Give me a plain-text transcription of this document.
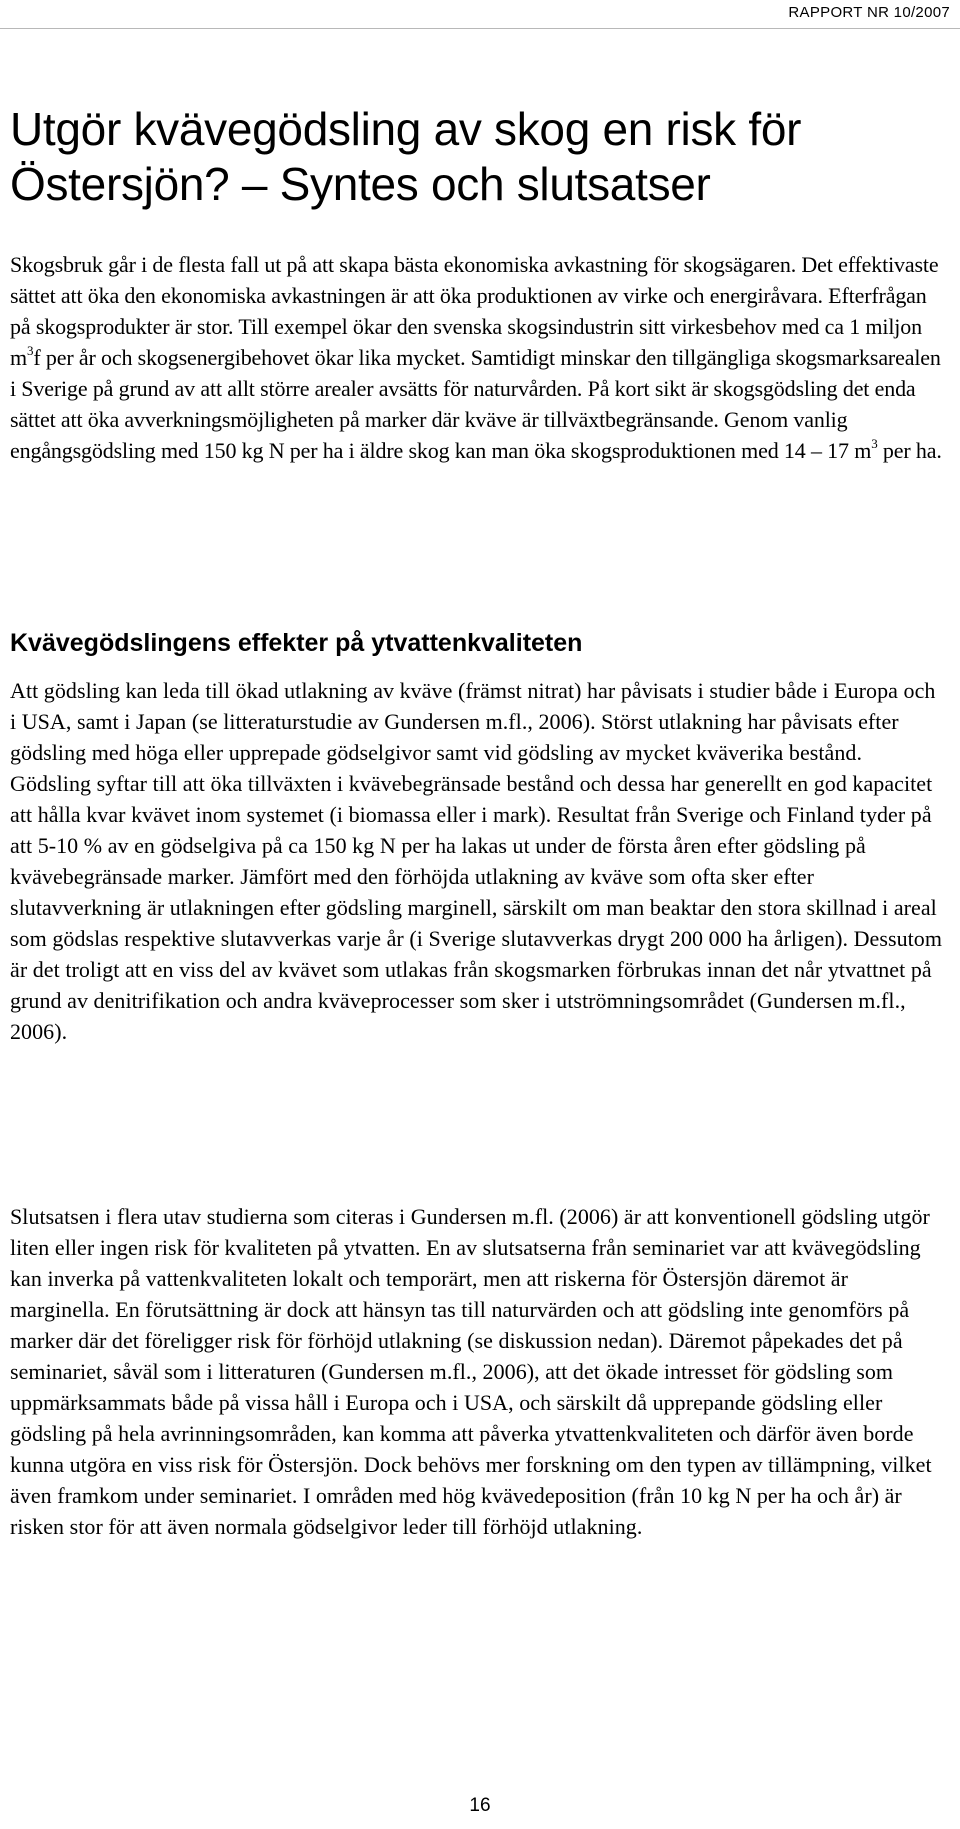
RAPPORT NR 10/2007
Utgör kvävegödsling av skog en risk för Östersjön? – Syntes och slutsatser

Skogsbruk går i de flesta fall ut på att skapa bästa ekonomiska avkastning för skogsägaren. Det effektivaste sättet att öka den ekonomiska avkastningen är att öka produktionen av virke och energiråvara. Efterfrågan på skogsprodukter är stor. Till exempel ökar den svenska skogsindustrin sitt virkesbehov med ca 1 miljon $m^3f$ per år och skogsenergibehovet ökar lika mycket. Samtidigt minskar den tillgängliga skogsmarksarealen i Sverige på grund av att allt större arealer avsätts för naturvården. På kort sikt är skogsgödsling det enda sättet att öka avverkningsmöjligheten på marker där kväve är tillväxtbegränsande. Genom vanlig engångsgödsling med 150 kg N per ha i äldre skog kan man öka skogsproduktionen med 14 – 17 $m^3$ per ha.

Kvävegödslingens effekter på ytvattenkvaliteten

Att gödsling kan leda till ökad utlakning av kväve (främst nitrat) har påvisats i studier både i Europa och i USA, samt i Japan (se litteraturstudie av Gundersen m.fl., 2006). Störst utlakning har påvisats efter gödsling med höga eller upprepade gödselgivor samt vid gödsling av mycket kväverika bestånd. Gödsling syftar till att öka tillväxten i kvävebegränsade bestånd och dessa har generellt en god kapacitet att hålla kvar kvävet inom systemet (i biomassa eller i mark). Resultat från Sverige och Finland tyder på att 5-10 % av en gödselgiva på ca 150 kg N per ha lakas ut under de första åren efter gödsling på kvävebegränsade marker. Jämfört med den förhöjda utlakning av kväve som ofta sker efter slutavverkning är utlakningen efter gödsling marginell, särskilt om man beaktar den stora skillnad i areal som gödslas respektive slutavverkas varje år (i Sverige slutavverkas drygt 200 000 ha årligen). Dessutom är det troligt att en viss del av kvävet som utlakas från skogsmarken förbrukas innan det når ytvattnet på grund av denitrifikation och andra kväveprocesser som sker i utströmningsområdet (Gundersen m.fl., 2006).

Slutsatsen i flera utav studierna som citeras i Gundersen m.fl. (2006) är att konventionell gödsling utgör liten eller ingen risk för kvaliteten på ytvatten. En av slutsatserna från seminariet var att kvävegödsling kan inverka på vattenkvaliteten lokalt och temporärt, men att riskerna för Östersjön däremot är marginella. En förutsättning är dock att hänsyn tas till naturvärden och att gödsling inte genomförs på marker där det föreligger risk för förhöjd utlakning (se diskussion nedan). Däremot påpekades det på seminariet, såväl som i litteraturen (Gundersen m.fl., 2006), att det ökade intresset för gödsling som uppmärksammats både på vissa håll i Europa och i USA, och särskilt då upprepande gödsling eller gödsling på hela avrinningsområden, kan komma att påverka ytvattenkvaliteten och därför även borde kunna utgöra en viss risk för Östersjön. Dock behövs mer forskning om den typen av tillämpning, vilket även framkom under seminariet. I områden med hög kvävedeposition (från 10 kg N per ha och år) är risken stor för att även normala gödselgivor leder till förhöjd utlakning.

16
